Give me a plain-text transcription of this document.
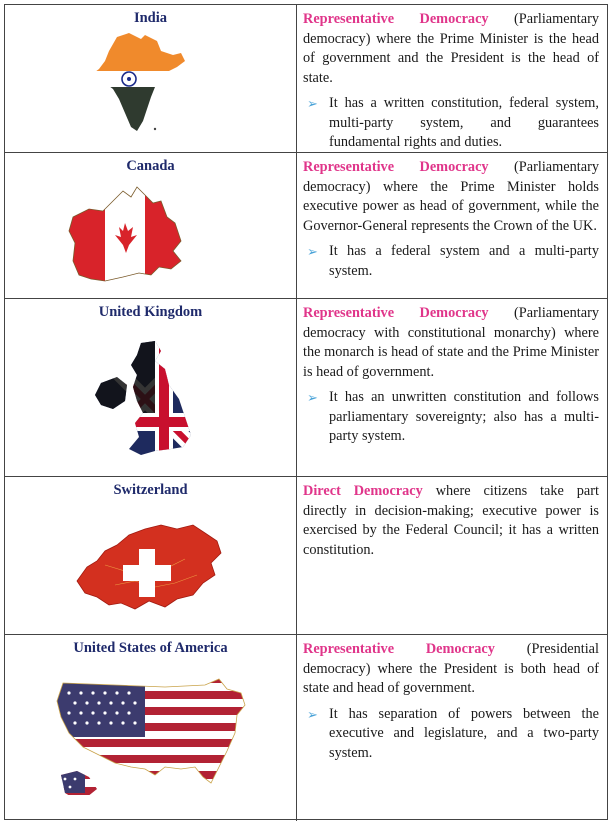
India	Representative Democracy (Parliamentary democracy) where the Prime Minister is the head of government and the President is the head of state.

➢ It has a written constitution, federal system, multi-party system, and guarantees fundamental rights and duties.
Canada	Representative Democracy (Parliamentary democracy) where the Prime Minister holds executive power as head of government, while the Governor-General represents the Crown of the UK.

➢ It has a federal system and a multi-party system.
United Kingdom	Representative Democracy (Parliamentary democracy with constitutional monarchy) where the monarch is head of state and the Prime Minister is head of government.

➢ It has an unwritten constitution and follows parliamentary sovereignty; also has a multi-party system.
Switzerland	Direct Democracy where citizens take part directly in decision-making; executive power is exercised by the Federal Council; it has a written constitution.

United States of America	Representative Democracy (Presidential democracy) where the President is both head of state and head of government.

➢ It has separation of powers between the executive and legislature, and a two-party system.
